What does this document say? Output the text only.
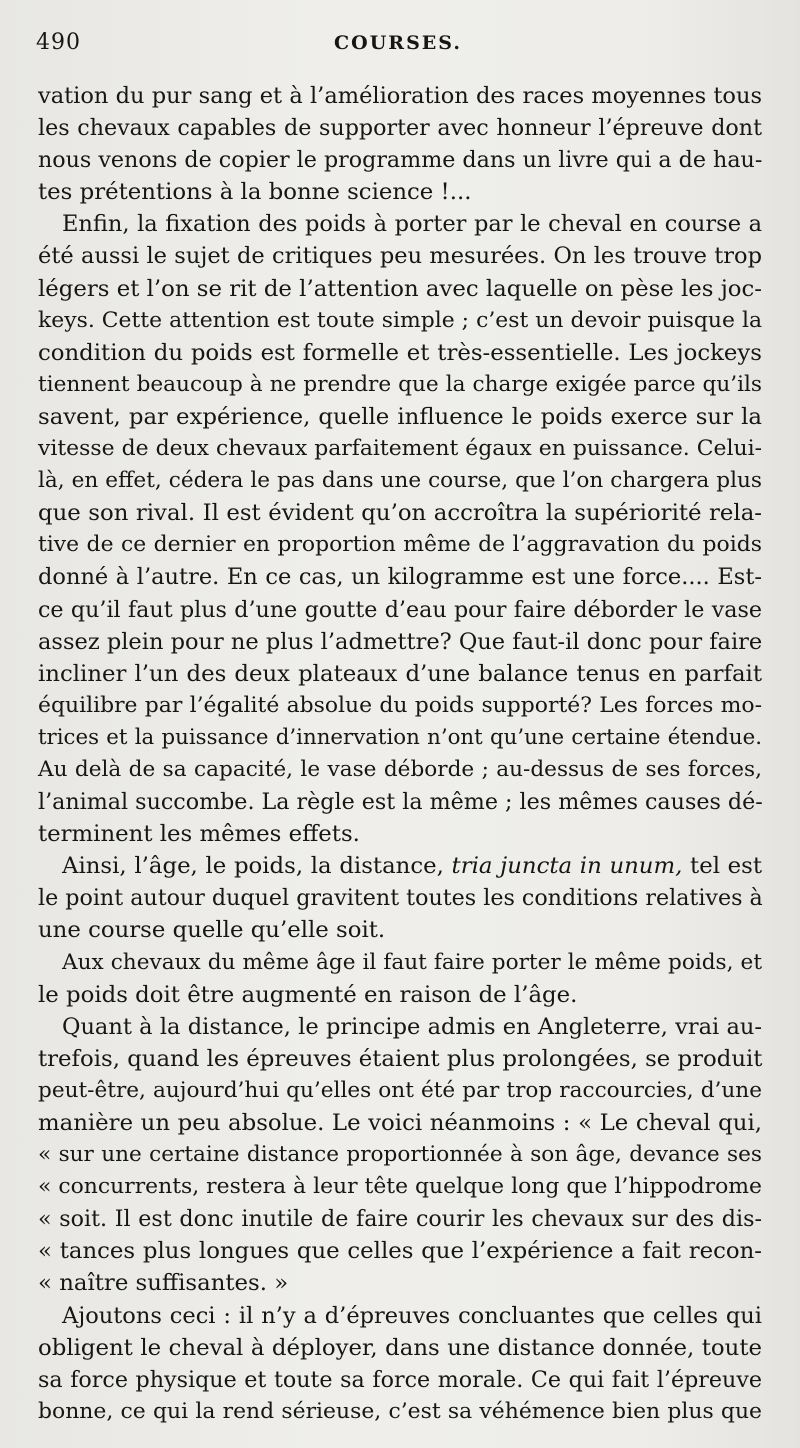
490	COURSES.
vation du pur sang et à l’amélioration des races moyennes tous
les chevaux capables de supporter avec honneur l’épreuve dont
nous venons de copier le programme dans un livre qui a de hau-
tes prétentions à la bonne science !...
Enfin, la fixation des poids à porter par le cheval en course a
été aussi le sujet de critiques peu mesurées. On les trouve trop
légers et l’on se rit de l’attention avec laquelle on pèse les joc-
keys. Cette attention est toute simple ; c’est un devoir puisque la
condition du poids est formelle et très-essentielle. Les jockeys
tiennent beaucoup à ne prendre que la charge exigée parce qu’ils
savent, par expérience, quelle influence le poids exerce sur la
vitesse de deux chevaux parfaitement égaux en puissance. Celui-
là, en effet, cédera le pas dans une course, que l’on chargera plus
que son rival. Il est évident qu’on accroîtra la supériorité rela-
tive de ce dernier en proportion même de l’aggravation du poids
donné à l’autre. En ce cas, un kilogramme est une force.... Est-
ce qu’il faut plus d’une goutte d’eau pour faire déborder le vase
assez plein pour ne plus l’admettre? Que faut-il donc pour faire
incliner l’un des deux plateaux d’une balance tenus en parfait
équilibre par l’égalité absolue du poids supporté? Les forces mo-
trices et la puissance d’innervation n’ont qu’une certaine étendue.
Au delà de sa capacité, le vase déborde ; au-dessus de ses forces,
l’animal succombe. La règle est la même ; les mêmes causes dé-
terminent les mêmes effets.
Ainsi, l’âge, le poids, la distance, tria juncta in unum, tel est
le point autour duquel gravitent toutes les conditions relatives à
une course quelle qu’elle soit.
Aux chevaux du même âge il faut faire porter le même poids, et
le poids doit être augmenté en raison de l’âge.
Quant à la distance, le principe admis en Angleterre, vrai au-
trefois, quand les épreuves étaient plus prolongées, se produit
peut-être, aujourd’hui qu’elles ont été par trop raccourcies, d’une
manière un peu absolue. Le voici néanmoins : « Le cheval qui,
« sur une certaine distance proportionnée à son âge, devance ses
« concurrents, restera à leur tête quelque long que l’hippodrome
« soit. Il est donc inutile de faire courir les chevaux sur des dis-
« tances plus longues que celles que l’expérience a fait recon-
« naître suffisantes. »
Ajoutons ceci : il n’y a d’épreuves concluantes que celles qui
obligent le cheval à déployer, dans une distance donnée, toute
sa force physique et toute sa force morale. Ce qui fait l’épreuve
bonne, ce qui la rend sérieuse, c’est sa véhémence bien plus que
